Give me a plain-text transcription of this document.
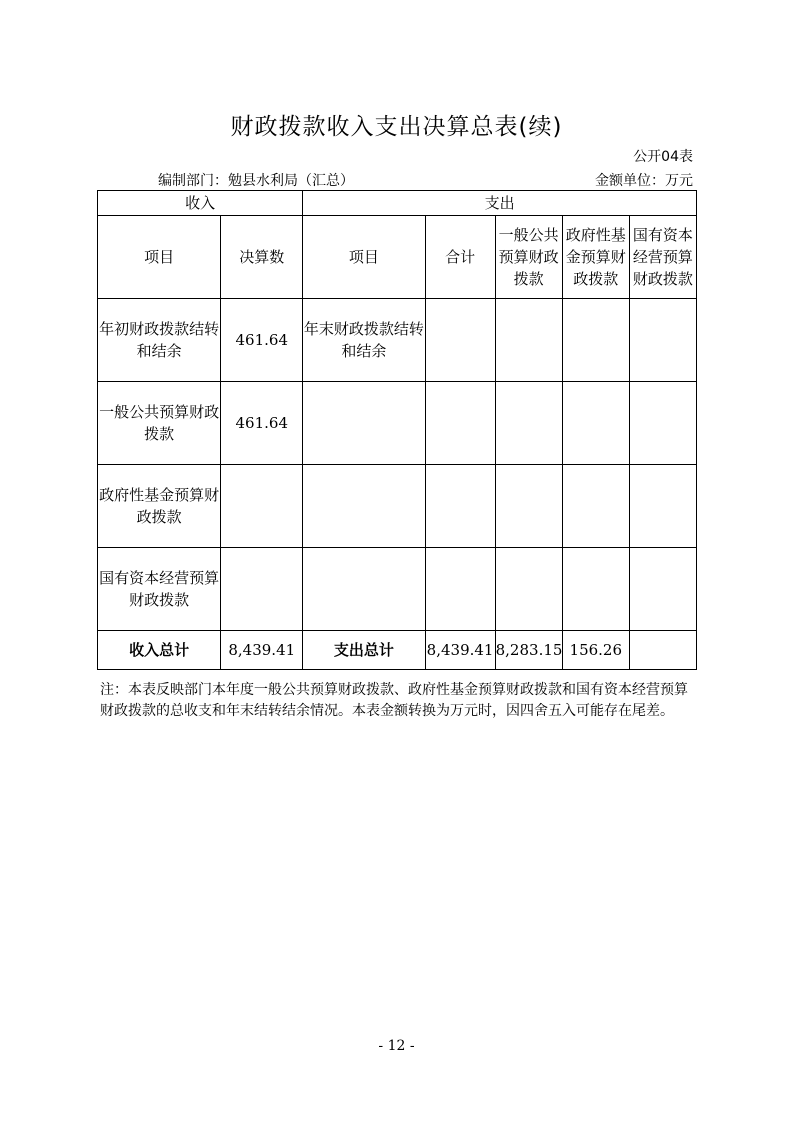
财政拨款收入支出决算总表(续)
公开04表
编制部门：勉县水利局（汇总）	金额单位：万元
收入		支出				
项目	决算数	项目	合计	一般公共预算财政拨款	政府性基金预算财政拨款	国有资本经营预算财政拨款
年初财政拨款结转和结余	461.64	年末财政拨款结转和结余				
一般公共预算财政拨款	461.64					
政府性基金预算财政拨款						
国有资本经营预算财政拨款						
收入总计	8,439.41	支出总计	8,439.41	8,283.15	156.26	
注：本表反映部门本年度一般公共预算财政拨款、政府性基金预算财政拨款和国有资本经营预算财政拨款的总收支和年末结转结余情况。本表金额转换为万元时，因四舍五入可能存在尾差。
- 12 -
